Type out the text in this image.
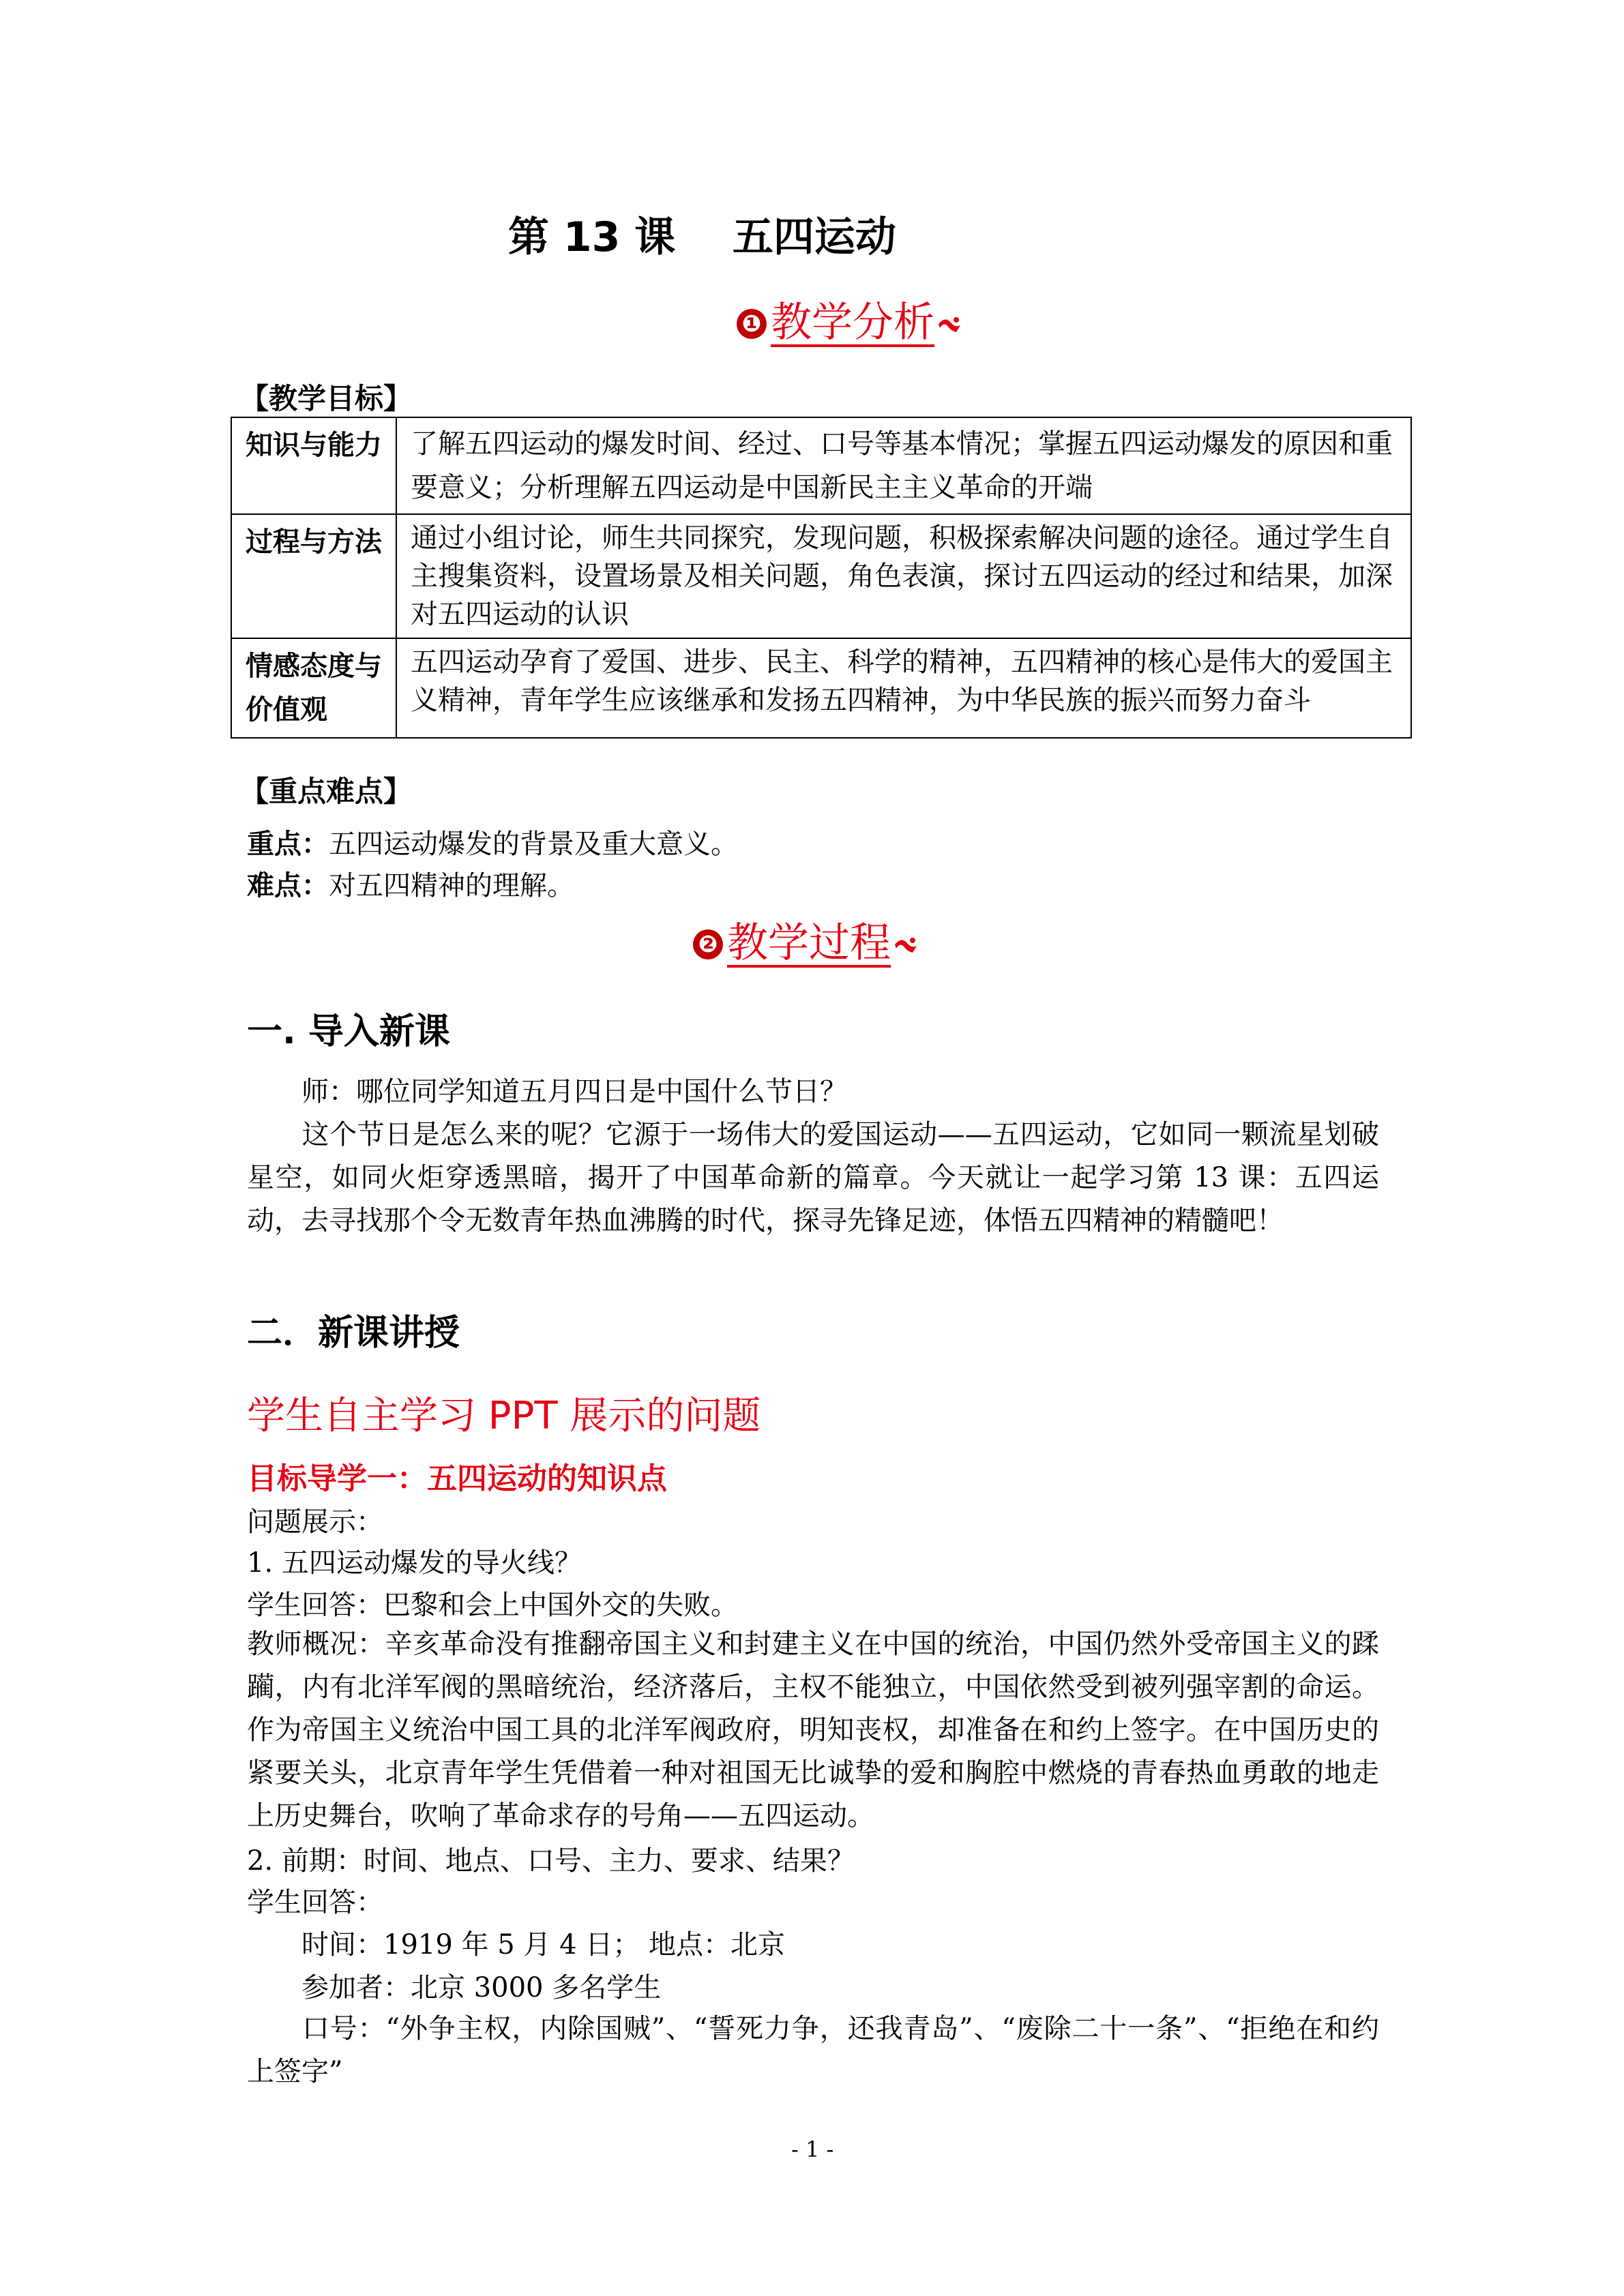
第 13 课    五四运动
❶ 教学分析
【教学目标】
知识与能力	了解五四运动的爆发时间、经过、口号等基本情况；掌握五四运动爆发的原因和重要意义；分析理解五四运动是中国新民主主义革命的开端
过程与方法	通过小组讨论，师生共同探究，发现问题，积极探索解决问题的途径。通过学生自主搜集资料，设置场景及相关问题，角色表演，探讨五四运动的经过和结果，加深对五四运动的认识
情感态度与价值观	五四运动孕育了爱国、进步、民主、科学的精神，五四精神的核心是伟大的爱国主义精神，青年学生应该继承和发扬五四精神，为中华民族的振兴而努力奋斗
【重点难点】
重点：五四运动爆发的背景及重大意义。
难点：对五四精神的理解。
❷ 教学过程
一. 导入新课
师：哪位同学知道五月四日是中国什么节日？
这个节日是怎么来的呢？它源于一场伟大的爱国运动——五四运动，它如同一颗流星划破星空，如同火炬穿透黑暗，揭开了中国革命新的篇章。今天就让一起学习第 13 课：五四运动，去寻找那个令无数青年热血沸腾的时代，探寻先锋足迹，体悟五四精神的精髓吧！
二．新课讲授
学生自主学习 PPT 展示的问题
目标导学一：五四运动的知识点
问题展示：
1. 五四运动爆发的导火线？
学生回答：巴黎和会上中国外交的失败。
教师概况：辛亥革命没有推翻帝国主义和封建主义在中国的统治，中国仍然外受帝国主义的蹂躏，内有北洋军阀的黑暗统治，经济落后，主权不能独立，中国依然受到被列强宰割的命运。作为帝国主义统治中国工具的北洋军阀政府，明知丧权，却准备在和约上签字。在中国历史的紧要关头，北京青年学生凭借着一种对祖国无比诚挚的爱和胸腔中燃烧的青春热血勇敢的地走上历史舞台，吹响了革命求存的号角——五四运动。
2. 前期：时间、地点、口号、主力、要求、结果？
学生回答：
时间：1919 年 5 月 4 日； 地点：北京
参加者：北京 3000 多名学生
口号：“外争主权，内除国贼”、“誓死力争，还我青岛”、“废除二十一条”、“拒绝在和约上签字”
- 1 -
